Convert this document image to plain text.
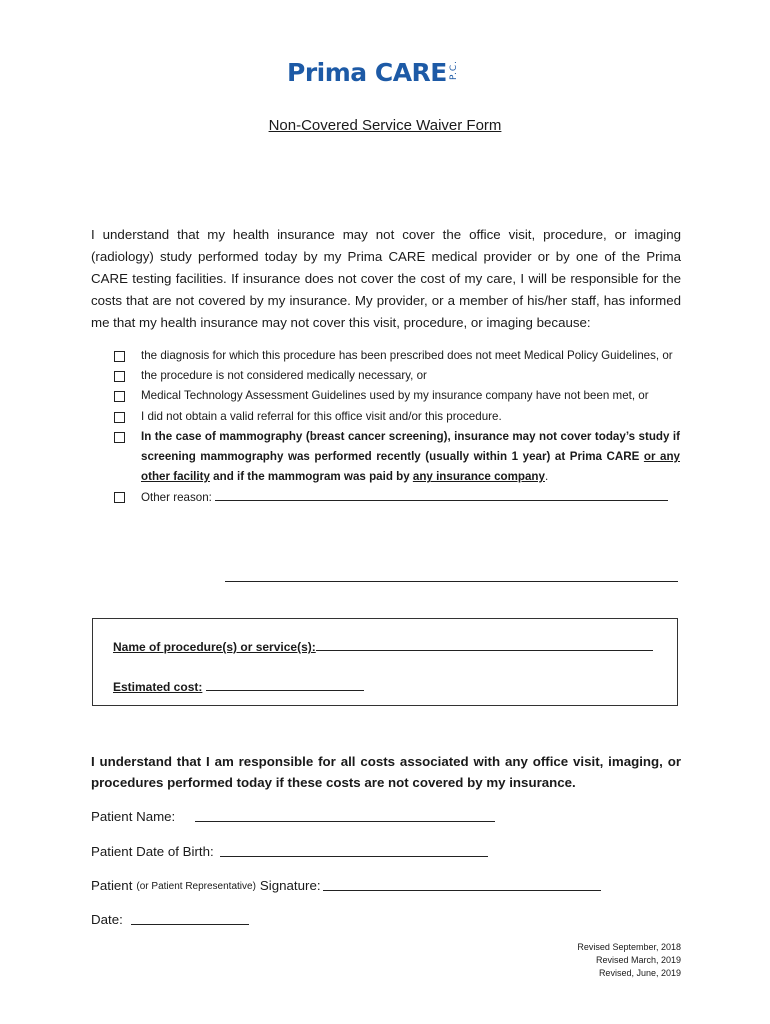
Prima CARE P.C.
Non-Covered Service Waiver Form
I understand that my health insurance may not cover the office visit, procedure, or imaging (radiology) study performed today by my Prima CARE medical provider or by one of the Prima CARE testing facilities. If insurance does not cover the cost of my care, I will be responsible for the costs that are not covered by my insurance. My provider, or a member of his/her staff, has informed me that my health insurance may not cover this visit, procedure, or imaging because:
the diagnosis for which this procedure has been prescribed does not meet Medical Policy Guidelines, or
the procedure is not considered medically necessary, or
Medical Technology Assessment Guidelines used by my insurance company have not been met, or
I did not obtain a valid referral for this office visit and/or this procedure.
In the case of mammography (breast cancer screening), insurance may not cover today’s study if screening mammography was performed recently (usually within 1 year) at Prima CARE or any other facility and if the mammogram was paid by any insurance company.
Other reason:
Name of procedure(s) or service(s):
Estimated cost:
I understand that I am responsible for all costs associated with any office visit, imaging, or procedures performed today if these costs are not covered by my insurance.
Patient Name:
Patient Date of Birth:
Patient (or Patient Representative) Signature:
Date:
Revised September, 2018
Revised March, 2019
Revised, June, 2019
